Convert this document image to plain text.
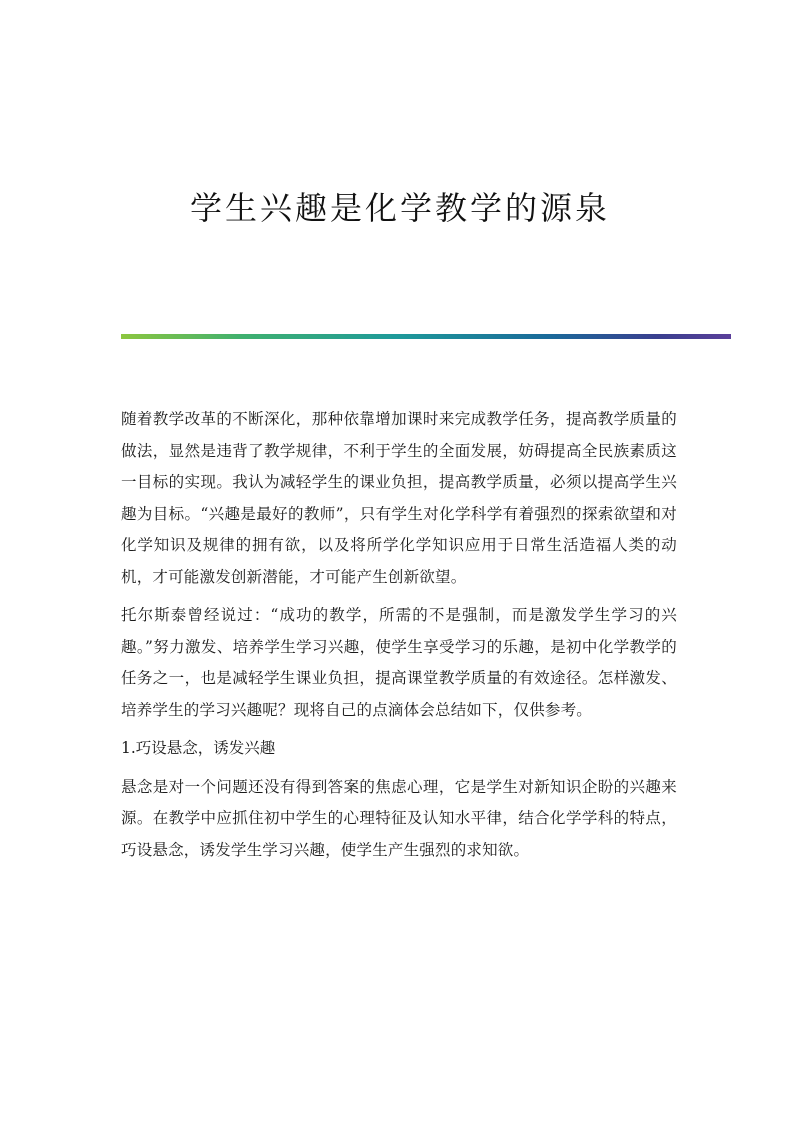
学生兴趣是化学教学的源泉

随着教学改革的不断深化，那种依靠增加课时来完成教学任务，提高教学质量的做法，显然是违背了教学规律，不利于学生的全面发展，妨碍提高全民族素质这一目标的实现。我认为减轻学生的课业负担，提高教学质量，必须以提高学生兴趣为目标。“兴趣是最好的教师”，只有学生对化学科学有着强烈的探索欲望和对化学知识及规律的拥有欲，以及将所学化学知识应用于日常生活造福人类的动机，才可能激发创新潜能，才可能产生创新欲望。

托尔斯泰曾经说过：“成功的教学，所需的不是强制，而是激发学生学习的兴趣。”努力激发、培养学生学习兴趣，使学生享受学习的乐趣，是初中化学教学的任务之一，也是减轻学生课业负担，提高课堂教学质量的有效途径。怎样激发、培养学生的学习兴趣呢？现将自己的点滴体会总结如下，仅供参考。

1.巧设悬念，诱发兴趣

悬念是对一个问题还没有得到答案的焦虑心理，它是学生对新知识企盼的兴趣来源。在教学中应抓住初中学生的心理特征及认知水平律，结合化学学科的特点，巧设悬念，诱发学生学习兴趣，使学生产生强烈的求知欲。
